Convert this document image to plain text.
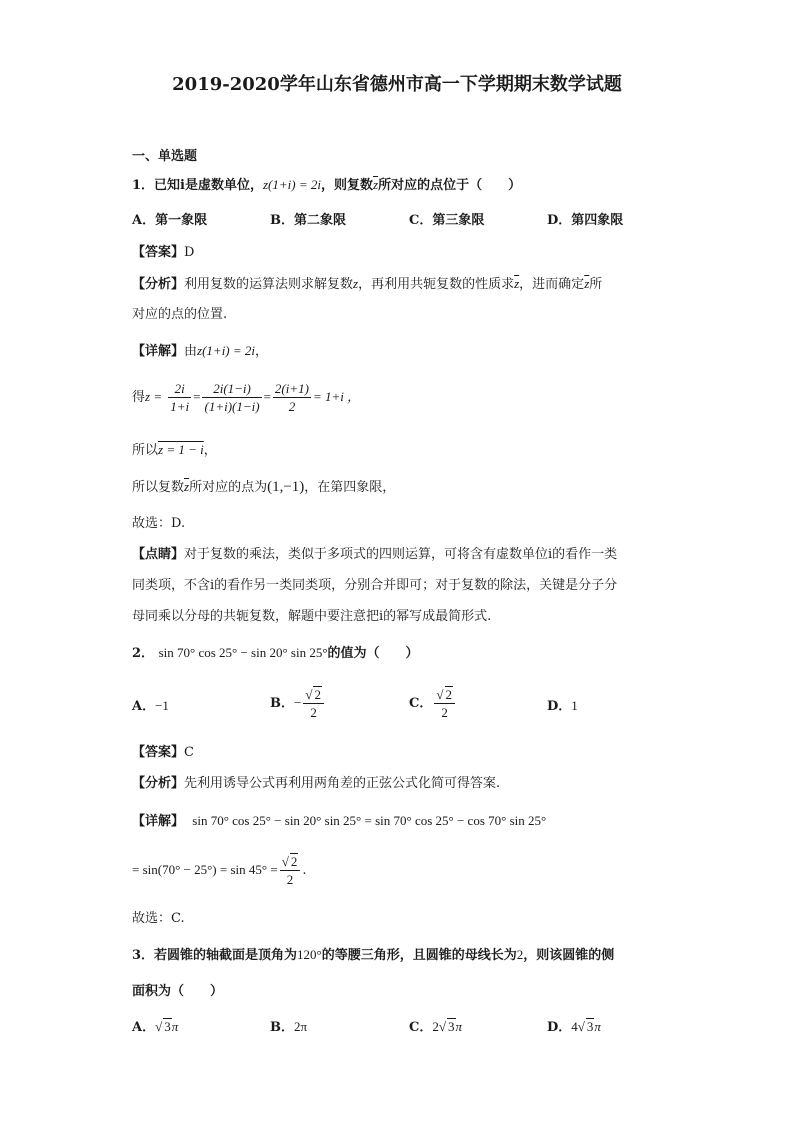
2019-2020学年山东省德州市高一下学期期末数学试题
一、单选题
1．已知i是虚数单位，z(1+i) = 2i，则复数$\overline{z}$所对应的点位于（　　）
A．第一象限	B．第二象限	C．第三象限	D．第四象限
【答案】D
【分析】利用复数的运算法则求解复数z，再利用共轭复数的性质求$\overline{z}$，进而确定$\overline{z}$所
对应的点的位置.
【详解】由z(1+i) = 2i，
得$z = \frac{2i}{1+i} = \frac{2i(1-i)}{(1+i)(1-i)} = \frac{2(i+1)}{2} = 1+i$ ，
所以z = 1 − i，
所以复数$\overline{z}$所对应的点为(1,−1)，在第四象限，
故选：D.
【点睛】对于复数的乘法，类似于多项式的四则运算，可将含有虚数单位i的看作一类
同类项，不含i的看作另一类同类项，分别合并即可；对于复数的除法，关键是分子分
母同乘以分母的共轭复数，解题中要注意把i的幂写成最简形式.
2． sin 70° cos 25° − sin 20° sin 25°的值为（　　）
A．−1	B．− $\frac{√ 2}{2}$	C． $\frac{√ 2}{2}$	D．1
【答案】C
【分析】先利用诱导公式再利用两角差的正弦公式化简可得答案.
【详解】 sin 70° cos 25° − sin 20° sin 25° = sin 70° cos 25° − cos 70° sin 25°
= $\sin(70^\circ - 25^\circ) = \sin 45^\circ = \frac{√ 2}{2}$ .
故选：C.
3．若圆锥的轴截面是顶角为120°的等腰三角形，且圆锥的母线长为2，则该圆锥的侧
面积为（　　）
A．√ 3π	B．2π	C．2√ 3π	D．4√ 3π
